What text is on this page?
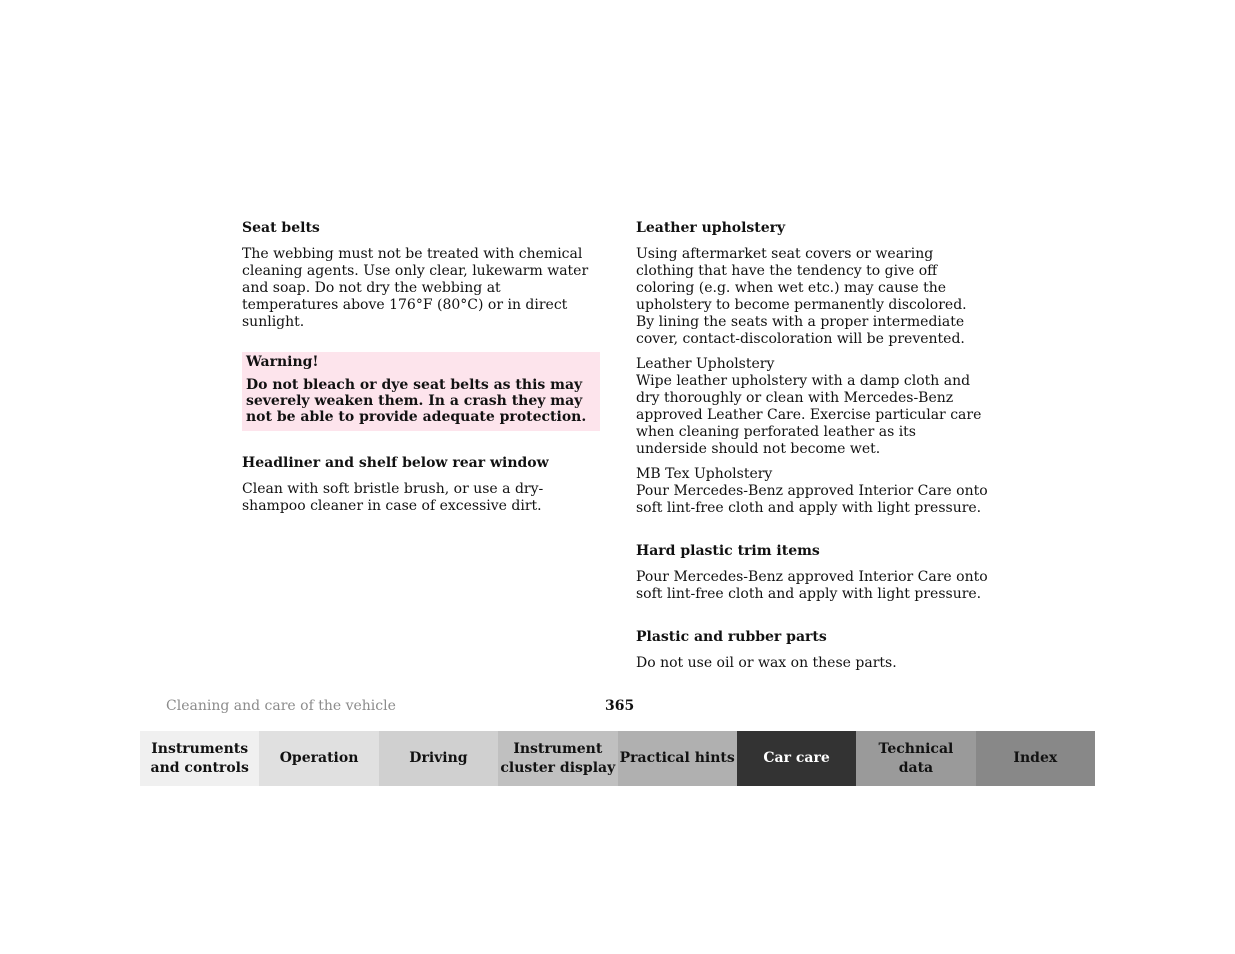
Seat belts

The webbing must not be treated with chemical cleaning agents. Use only clear, lukewarm water and soap. Do not dry the webbing at temperatures above 176°F (80°C) or in direct sunlight.

Warning!
Do not bleach or dye seat belts as this may severely weaken them. In a crash they may not be able to provide adequate protection.

Headliner and shelf below rear window

Clean with soft bristle brush, or use a dry-shampoo cleaner in case of excessive dirt.

Leather upholstery

Using aftermarket seat covers or wearing clothing that have the tendency to give off coloring (e.g. when wet etc.) may cause the upholstery to become permanently discolored. By lining the seats with a proper intermediate cover, contact-discoloration will be prevented.

Leather Upholstery

Wipe leather upholstery with a damp cloth and dry thoroughly or clean with Mercedes-Benz approved Leather Care. Exercise particular care when cleaning perforated leather as its underside should not become wet.

MB Tex Upholstery

Pour Mercedes-Benz approved Interior Care onto soft lint-free cloth and apply with light pressure.

Hard plastic trim items

Pour Mercedes-Benz approved Interior Care onto soft lint-free cloth and apply with light pressure.

Plastic and rubber parts

Do not use oil or wax on these parts.

Cleaning and care of the vehicle	365
Instruments
and controls
Operation	Driving
Instrument
cluster display
Practical hints Car care
Technical
data
Index
